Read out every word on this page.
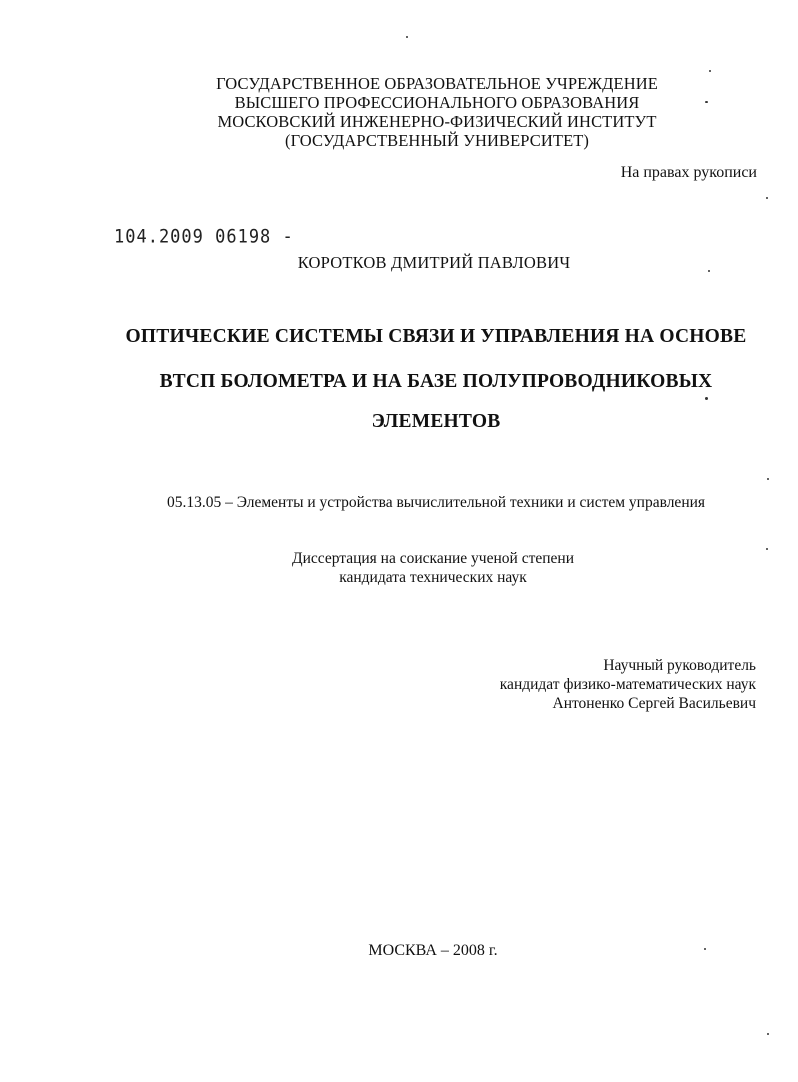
ГОСУДАРСТВЕННОЕ ОБРАЗОВАТЕЛЬНОЕ УЧРЕЖДЕНИЕ
ВЫСШЕГО ПРОФЕССИОНАЛЬНОГО ОБРАЗОВАНИЯ
МОСКОВСКИЙ ИНЖЕНЕРНО-ФИЗИЧЕСКИЙ ИНСТИТУТ
(ГОСУДАРСТВЕННЫЙ УНИВЕРСИТЕТ)
На правах рукописи
104.2009 06198 -
КОРОТКОВ ДМИТРИЙ ПАВЛОВИЧ
ОПТИЧЕСКИЕ СИСТЕМЫ СВЯЗИ И УПРАВЛЕНИЯ НА ОСНОВЕ
ВТСП БОЛОМЕТРА И НА БАЗЕ ПОЛУПРОВОДНИКОВЫХ
ЭЛЕМЕНТОВ
05.13.05 – Элементы и устройства вычислительной техники и систем управления
Диссертация на соискание ученой степени
кандидата технических наук
Научный руководитель
кандидат физико-математических наук
Антоненко Сергей Васильевич
МОСКВА – 2008 г.
